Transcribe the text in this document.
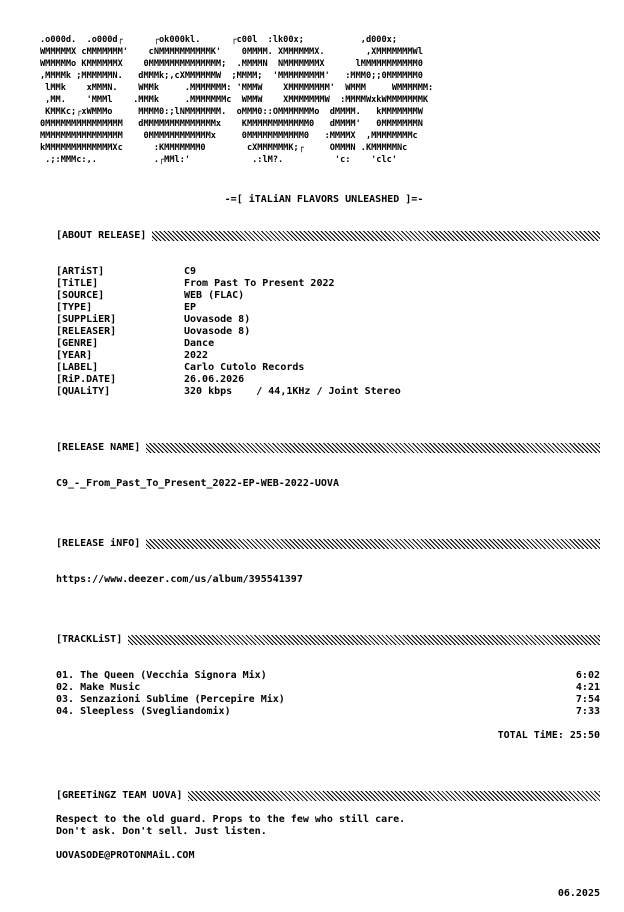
.o000d.  .o000d┌      ┌ok000kl.      ┌c00l  :lk00x;           ,d000x;
WMMMMMX cMMMMMMM'    cNMMMMMMMMMMK'    0MMMM. XMMMMMMX.        ,XMMMMMMMWl
WMMMMMo KMMMMMMX    0MMMMMMMMMMMMMM;  .MMMMN  NMMMMMMMX      lMMMMMMMMMMM0
,MMMMk ;MMMMMMN.   dMMMk;,cXMMMMMMW  ;MMMM;  'MMMMMMMMM'   :MMM0;;0MMMMMM0
lMMk    xMMMN.    WMMk     .MMMMMMM: 'MMMW    XMMMMMMMM'  WMMM     WMMMMMM:
,MM.    'MMMl    .MMMk     .MMMMMMMc  WMMW    XMMMMMMMW  :MMMMWxkWMMMMMMMK
KMMKc;┌xWMMMo     MMMM0:;lNMMMMMMM.  oMMM0::OMMMMMMMo  dMMMM.   kMMMMMMMW
0MMMMMMMMMMMMMMM   dMMMMMMMMMMMMMMx    KMMMMMMMMMMMM0   dMMMM'   0MMMMMMMN
MMMMMMMMMMMMMMMM    0MMMMMMMMMMMMx     0MMMMMMMMMMM0   :MMMMX  ,MMMMMMMMc
kMMMMMMMMMMMMMXc      :KMMMMMMM0        cXMMMMMMK;┌     OMMMN .KMMMMMNc
.;:MMMc:,.           .┌MMl:'            .:lM?.          'c:    'clc'
-=[ iTALiAN FLAVORS UNLEASHED ]=-
[ABOUT RELEASE]
[ARTiST]	C9
[TiTLE]	From Past To Present 2022
[SOURCE]	WEB (FLAC)
[TYPE]	EP
[SUPPLiER]	Uovasode 8)
[RELEASER]	Uovasode 8)
[GENRE]	Dance
[YEAR]	2022
[LABEL]	Carlo Cutolo Records
[RiP.DATE]	26.06.2026
[QUALiTY]	320 kbps    / 44,1KHz / Joint Stereo
[RELEASE NAME]
C9_-_From_Past_To_Present_2022-EP-WEB-2022-UOVA
[RELEASE iNFO]
https://www.deezer.com/us/album/395541397
[TRACKLiST]
01. The Queen (Vecchia Signora Mix)	6:02
02. Make Music	4:21
03. Senzazioni Sublime (Percepire Mix)	7:54
04. Sleepless (Svegliandomix)	7:33
TOTAL TiME: 25:50
[GREETiNGZ TEAM UOVA]
Respect to the old guard. Props to the few who still care.
Don't ask. Don't sell. Just listen.
UOVASODE@PROTONMAiL.COM
06.2025
